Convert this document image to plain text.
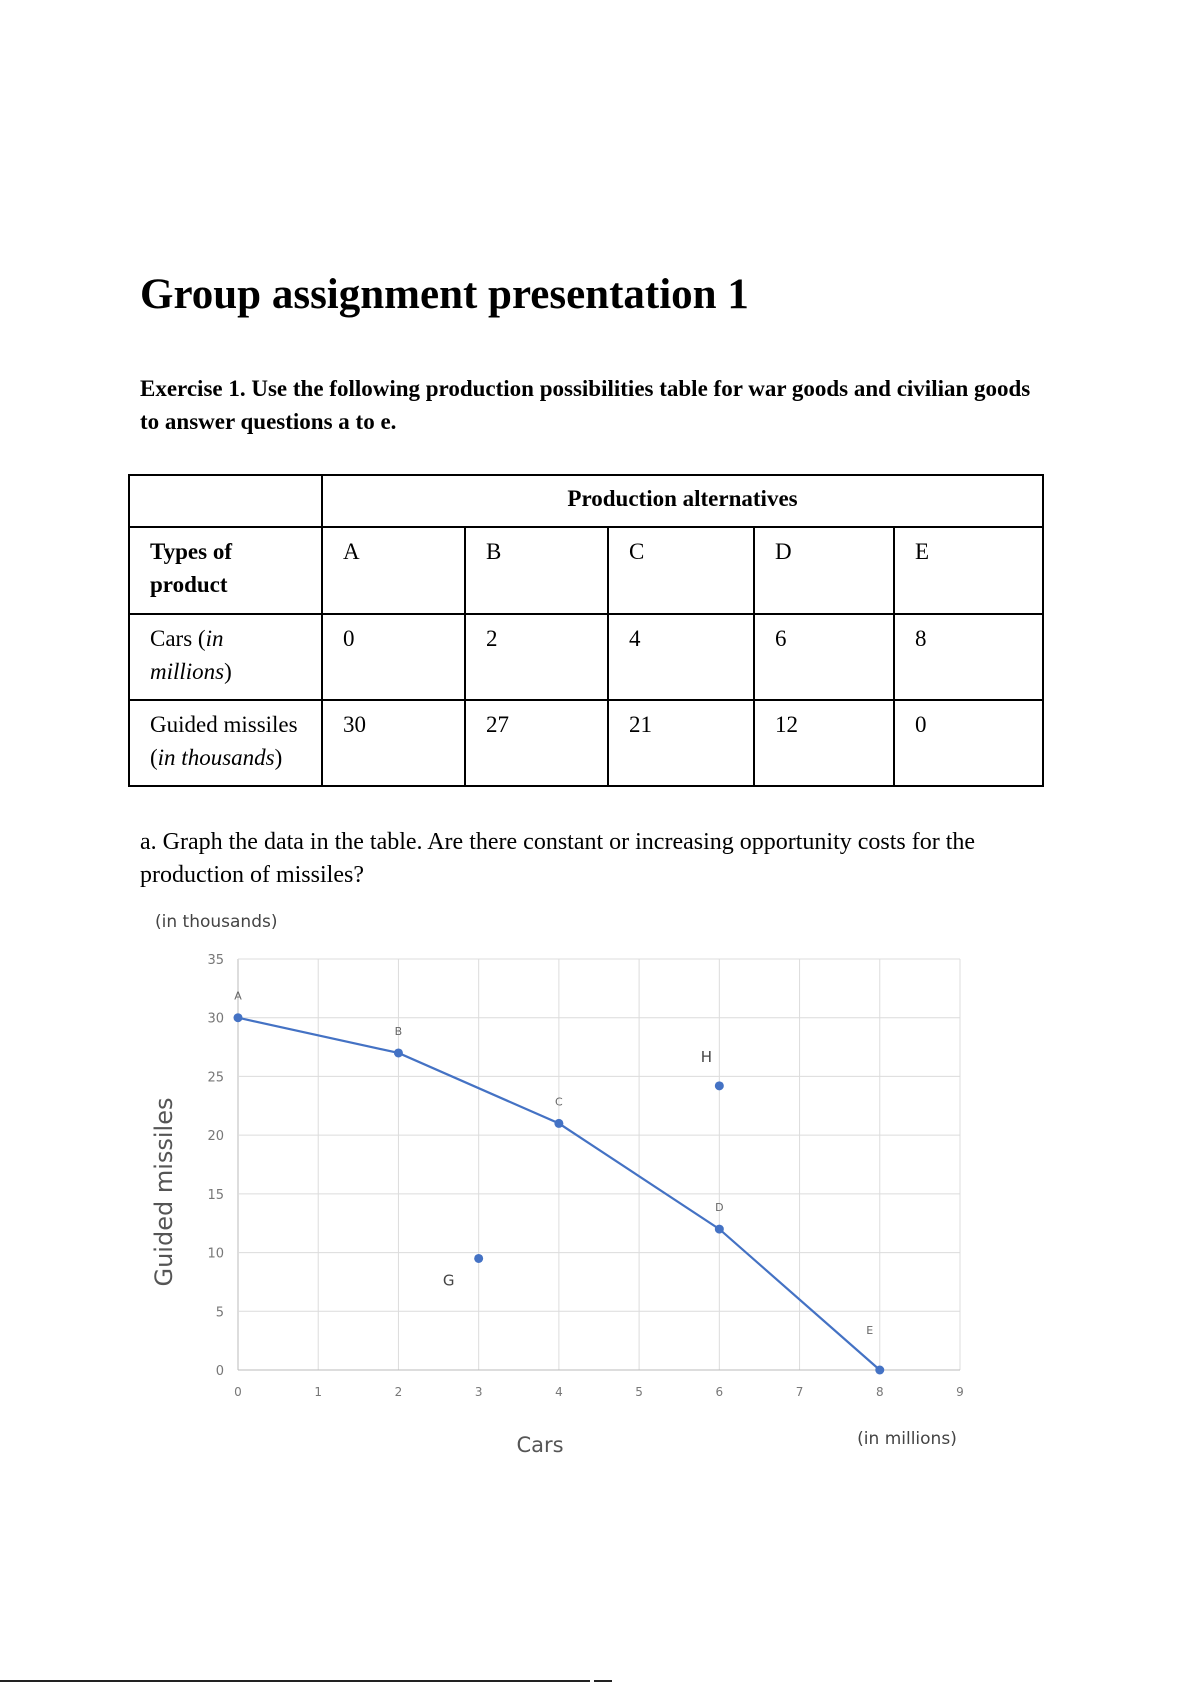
Group assignment presentation 1

Exercise 1. Use the following production possibilities table for war goods and civilian goods to answer questions a to e.

	Production alternatives				
Types of product	A	B	C	D	E
Cars (in millions)	0	2	4	6	8
Guided missiles
(in thousands)	30	27	21	12	0

a. Graph the data in the table. Are there constant or increasing opportunity costs for the production of missiles?

0	1	2	3	4	5	6	7	8	9
0
5
10
15
20
25
30
35
(in thousands)
Cars	(in millions)
Guided missiles
A
B
C
D
E
G
H
